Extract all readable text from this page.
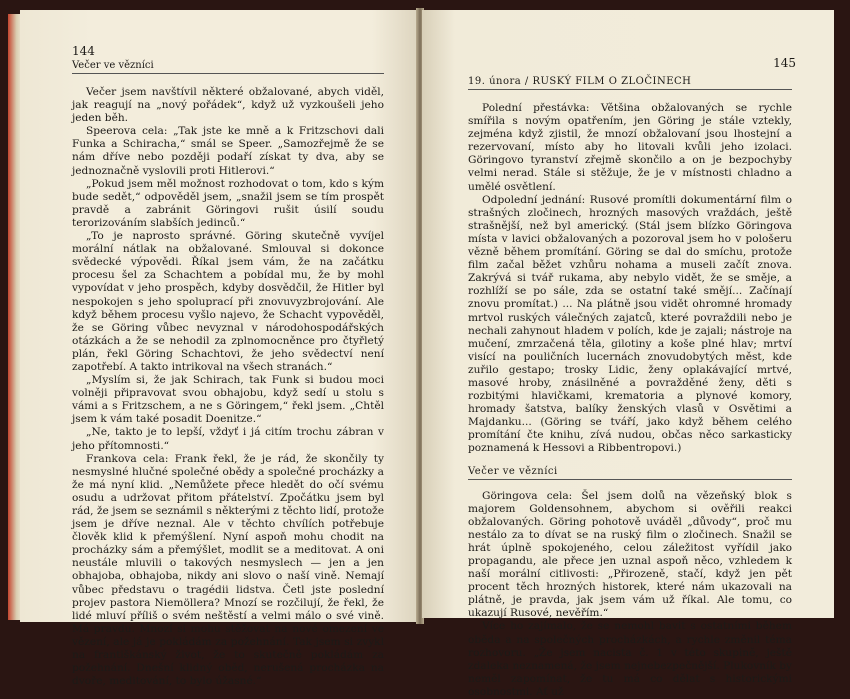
144
Večer ve vězníci

Večer jsem navštívil některé obžalované, abych viděl, jak reagují na „nový pořádek“, když už vyzkoušeli jeho jeden běh.

Speerova cela: „Tak jste ke mně a k Fritzschovi dali Funka a Schiracha,“ smál se Speer. „Samozřejmě že se nám dříve nebo později podaří získat ty dva, aby se jednoznačně vyslovili proti Hitlerovi.“

„Pokud jsem měl možnost rozhodovat o tom, kdo s kým bude sedět,“ odpověděl jsem, „snažil jsem se tím prospět pravdě a zabránit Göringovi rušit úsilí soudu terorizováním slabších jedinců.“

„To je naprosto správné. Göring skutečně vyvíjel morální nátlak na obžalované. Smlouval si dokonce svědecké výpovědi. Říkal jsem vám, že na začátku procesu šel za Schachtem a pobídal mu, že by mohl vypovídat v jeho prospěch, kdyby dosvědčil, že Hitler byl nespokojen s jeho spoluprací při znovuvyzbrojování. Ale když během procesu vyšlo najevo, že Schacht vypověděl, že se Göring vůbec nevyznal v národohospodářských otázkách a že se nehodil za zplnomocněnce pro čtyřletý plán, řekl Göring Schachtovi, že jeho svědectví není zapotřebí. A takto intrikoval na všech stranách.“

„Myslím si, že jak Schirach, tak Funk si budou moci volněji připravovat svou obhajobu, když sedí u stolu s vámi a s Fritzschem, a ne s Göringem,“ řekl jsem. „Chtěl jsem k vám také posadit Doenitze.“

„Ne, takto je to lepší, vždyť i já citím trochu zábran v jeho přítomnosti.“

Frankova cela: Frank řekl, že je rád, že skončily ty nesmyslné hlučné společné obědy a společné procházky a že má nyní klid. „Nemůžete přece hledět do očí svému osudu a udržovat přitom přátelství. Zpočátku jsem byl rád, že jsem se seznámil s některými z těchto lidí, protože jsem je dříve neznal. Ale v těchto chvílích potřebuje člověk klid k přemýšlení. Nyní aspoň mohu chodit na procházky sám a přemýšlet, modlit se a meditovat. A oni neustále mluvili o takových nesmyslech — jen a jen obhajoba, obhajoba, nikdy ani slovo o naší vině. Nemají vůbec představu o tragédii lidstva. Četl jste poslední projev pastora Niemöllera? Mnozí se rozčilují, že řekl, že lidé mluví příliš o svém neštěstí a velmi málo o své vině. Má pravdu. Mnozí si mohu stěžovat na nové omezení ve vězení, ale já je pokládám za požehnání. Tak jsem si zvykl na františkánský život, že to skutečně pokládám za požehnání. Dnešní klidný oběd, nerušená procházka na dvoře, meditování, to bylo úžasné.“

145
19. února / RUSKÝ FILM O ZLOČINECH

Polední přestávka: Většina obžalovaných se rychle smířila s novým opatřením, jen Göring je stále vztekly, zejména když zjistil, že mnozí obžalovaní jsou lhostejní a rezervovaní, místo aby ho litovali kvůli jeho izolaci. Göringovo tyranství zřejmě skončilo a on je bezpochyby velmi nerad. Stále si stěžuje, že je v místnosti chladno a umělé osvětlení.

Odpolední jednání: Rusové promítli dokumentární film o strašných zločinech, hrozných masových vraždách, ještě strašnější, než byl americký. (Stál jsem blízko Göringova místa v lavici obžalovaných a pozoroval jsem ho v pološeru vězně během promítání. Göring se dal do smíchu, protože film začal běžet vzhůru nohama a museli začít znova. Zakrývá si tvář rukama, aby nebylo vidět, že se směje, a rozhlíží se po sále, zda se ostatní také smějí... Začínají znovu promítat.) ... Na plátně jsou vidět ohromné hromady mrtvol ruských válečných zajatců, které povraždili nebo je nechali zahynout hladem v polích, kde je zajali; nástroje na mučení, zmrzačená těla, gilotiny a koše plné hlav; mrtví visící na pouličních lucernách znovudobytých měst, kde zuřilo gestapo; trosky Lidic, ženy oplakávající mrtvé, masové hroby, znásilněné a povražděné ženy, děti s rozbitými hlavičkami, krematoria a plynové komory, hromady šatstva, balíky ženských vlasů v Osvětimi a Majdanku... (Göring se tváří, jako když během celého promítání čte knihu, zívá nudou, občas něco sarkasticky poznamená k Hessovi a Ribbentropovi.)

Večer ve vězníci

Göringova cela: Šel jsem dolů na vězeňský blok s majorem Goldensohnem, abychom si ověřili reakci obžalovaných. Göring pohotově uváděl „důvody“, proč mu nestálo za to dívat se na ruský film o zločinech. Snažil se hrát úplně spokojeného, celou záležitost vyřídil jako propagandu, ale přece jen uznal aspoň něco, vzhledem k naší morální citlivosti: „Přirozeně, stačí, když jen pět procent těch hrozných historek, které nám ukazovali na plátně, je pravda, jak jsem vám už říkal. Ale tomu, co ukazují Rusové, nevěřím.“

Více ho zajímalo, že se nemohl bavit s ostatními během oběda a na společných procházkách, a rychle změnil téma rozhovoru. „Že jsem nacista č. 1 v této skupině, ještě zdaleka neznamená, že jsem nejnebezpečnější. Plukovník by neměl zapomínat, že tu má co dělat s historickými osobnostmi. Ať už
